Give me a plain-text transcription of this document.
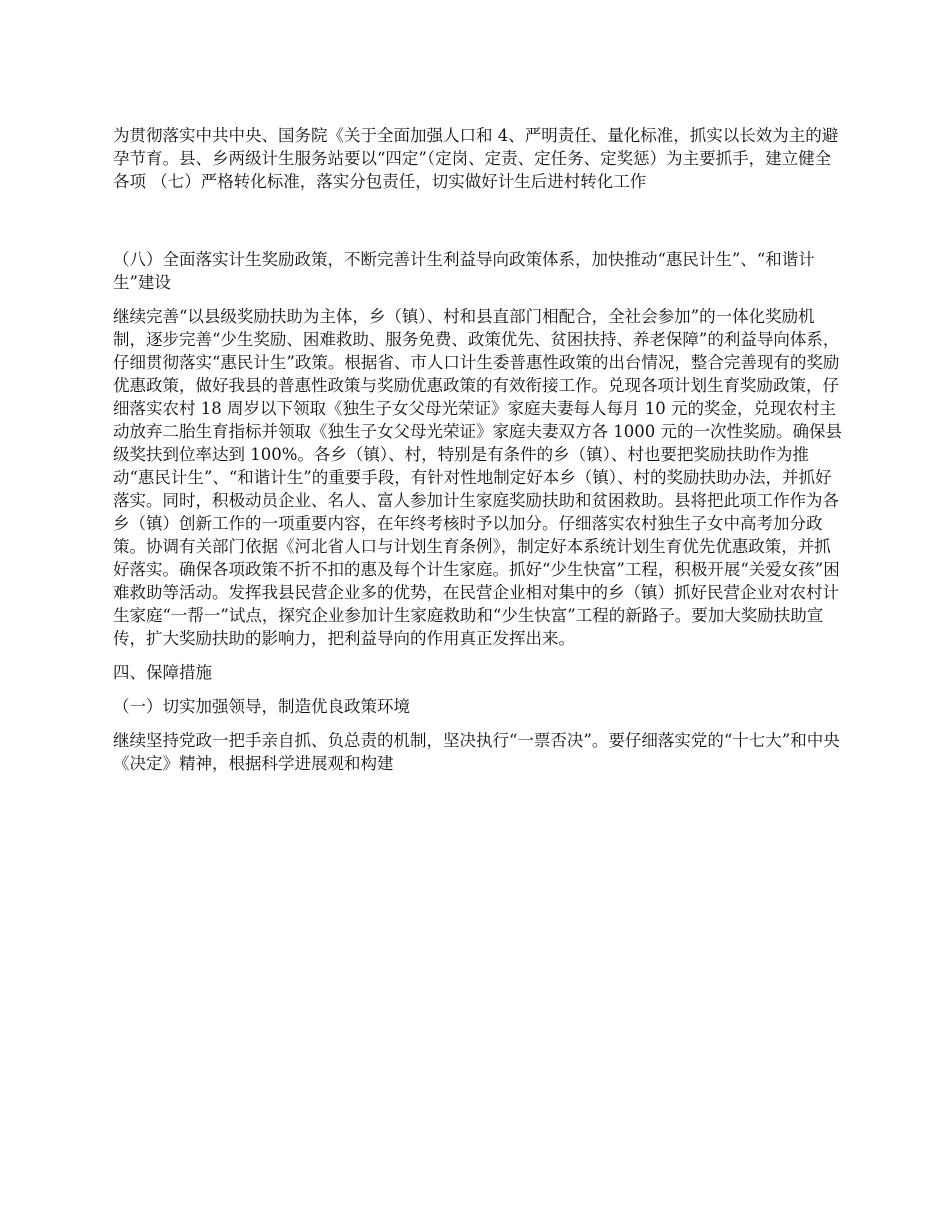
为贯彻落实中共中央、国务院《关于全面加强人口和 4、严明责任、量化标准，抓实以长效为主的避孕节育。县、乡两级计生服务站要以“四定”（定岗、定责、定任务、定奖惩）为主要抓手，建立健全各项 （七）严格转化标准，落实分包责任，切实做好计生后进村转化工作

（八）全面落实计生奖励政策，不断完善计生利益导向政策体系，加快推动“惠民计生”、“和谐计生”建设

继续完善“以县级奖励扶助为主体，乡（镇）、村和县直部门相配合，全社会参加”的一体化奖励机制，逐步完善“少生奖励、困难救助、服务免费、政策优先、贫困扶持、养老保障”的利益导向体系，仔细贯彻落实“惠民计生”政策。根据省、市人口计生委普惠性政策的出台情况，整合完善现有的奖励优惠政策，做好我县的普惠性政策与奖励优惠政策的有效衔接工作。兑现各项计划生育奖励政策，仔细落实农村 18 周岁以下领取《独生子女父母光荣证》家庭夫妻每人每月 10 元的奖金，兑现农村主动放弃二胎生育指标并领取《独生子女父母光荣证》家庭夫妻双方各 1000 元的一次性奖励。确保县级奖扶到位率达到 100%。各乡（镇）、村，特别是有条件的乡（镇）、村也要把奖励扶助作为推动“惠民计生”、“和谐计生”的重要手段，有针对性地制定好本乡（镇）、村的奖励扶助办法，并抓好落实。同时，积极动员企业、名人、富人参加计生家庭奖励扶助和贫困救助。县将把此项工作作为各乡（镇）创新工作的一项重要内容，在年终考核时予以加分。仔细落实农村独生子女中高考加分政策。协调有关部门依据《河北省人口与计划生育条例》，制定好本系统计划生育优先优惠政策，并抓好落实。确保各项政策不折不扣的惠及每个计生家庭。抓好“少生快富”工程，积极开展“关爱女孩”困难救助等活动。发挥我县民营企业多的优势，在民营企业相对集中的乡（镇）抓好民营企业对农村计生家庭“一帮一”试点，探究企业参加计生家庭救助和“少生快富”工程的新路子。要加大奖励扶助宣传，扩大奖励扶助的影响力，把利益导向的作用真正发挥出来。

四、保障措施

（一）切实加强领导，制造优良政策环境

继续坚持党政一把手亲自抓、负总责的机制，坚决执行“一票否决”。要仔细落实党的“十七大”和中央《决定》精神，根据科学进展观和构建
